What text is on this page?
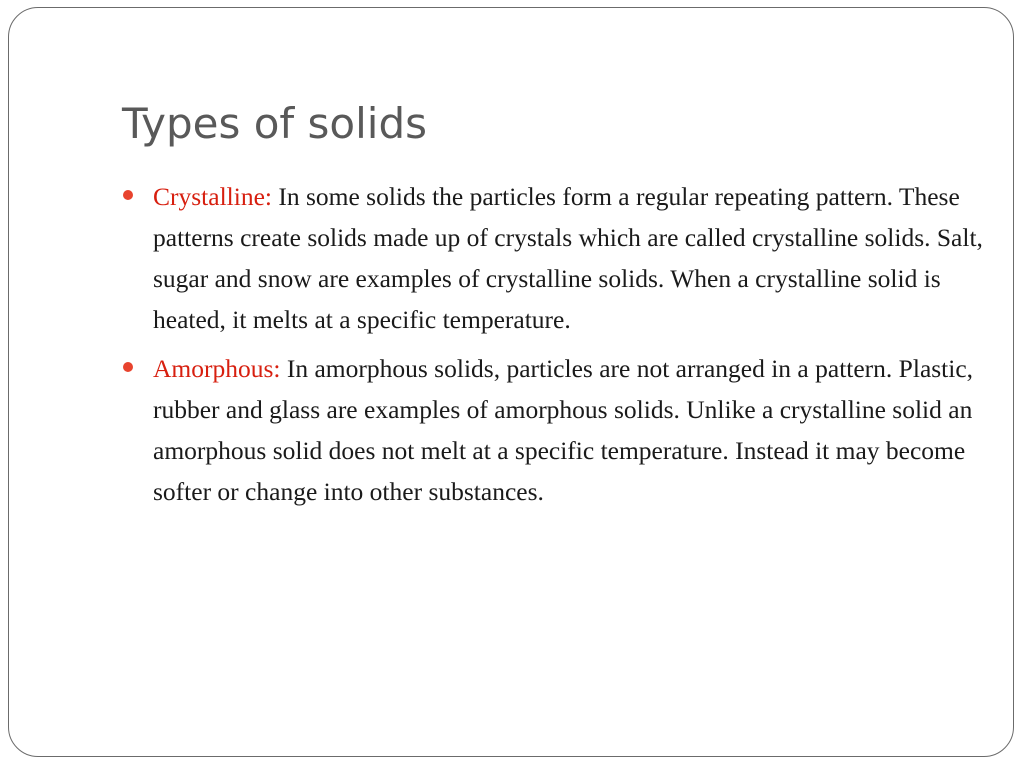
Types of solids
Crystalline: In some solids the particles form a regular repeating pattern. These patterns create solids made up of crystals which are called crystalline solids. Salt, sugar and snow are examples of crystalline solids. When a crystalline solid is heated, it melts at a specific temperature.
Amorphous: In amorphous solids, particles are not arranged in a pattern. Plastic, rubber and glass are examples of amorphous solids. Unlike a crystalline solid an amorphous solid does not melt at a specific temperature. Instead it may become softer or change into other substances.
